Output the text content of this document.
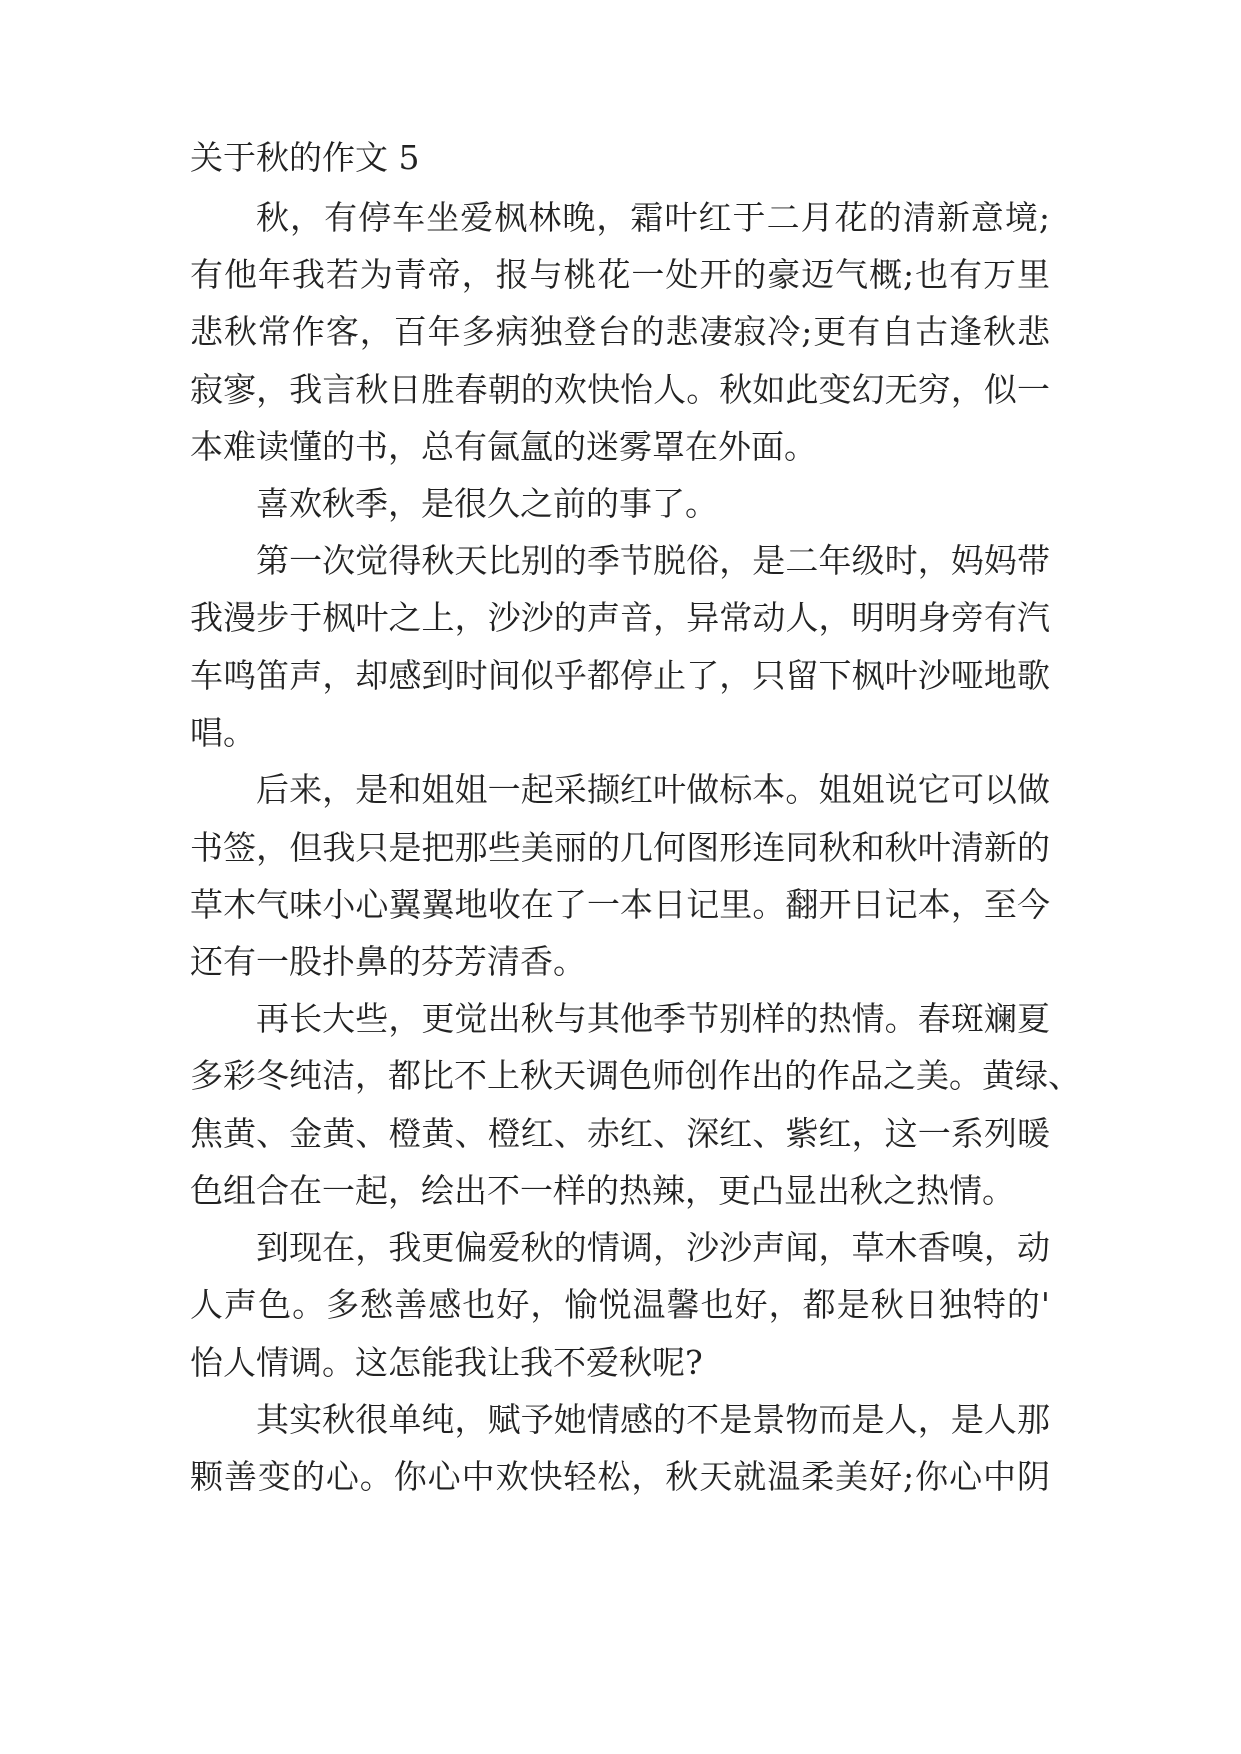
关于秋的作文 5
秋，有停车坐爱枫林晚，霜叶红于二月花的清新意境;
有他年我若为青帝，报与桃花一处开的豪迈气概;也有万里
悲秋常作客，百年多病独登台的悲凄寂冷;更有自古逢秋悲
寂寥，我言秋日胜春朝的欢快怡人。秋如此变幻无穷，似一
本难读懂的书，总有氤氲的迷雾罩在外面。
喜欢秋季，是很久之前的事了。
第一次觉得秋天比别的季节脱俗，是二年级时，妈妈带
我漫步于枫叶之上，沙沙的声音，异常动人，明明身旁有汽
车鸣笛声，却感到时间似乎都停止了，只留下枫叶沙哑地歌
唱。
后来，是和姐姐一起采撷红叶做标本。姐姐说它可以做
书签，但我只是把那些美丽的几何图形连同秋和秋叶清新的
草木气味小心翼翼地收在了一本日记里。翻开日记本，至今
还有一股扑鼻的芬芳清香。
再长大些，更觉出秋与其他季节别样的热情。春斑斓夏
多彩冬纯洁，都比不上秋天调色师创作出的作品之美。黄绿、
焦黄、金黄、橙黄、橙红、赤红、深红、紫红，这一系列暖
色组合在一起，绘出不一样的热辣，更凸显出秋之热情。
到现在，我更偏爱秋的情调，沙沙声闻，草木香嗅，动
人声色。多愁善感也好，愉悦温馨也好，都是秋日独特的'
怡人情调。这怎能我让我不爱秋呢?
其实秋很单纯，赋予她情感的不是景物而是人，是人那
颗善变的心。你心中欢快轻松，秋天就温柔美好;你心中阴
